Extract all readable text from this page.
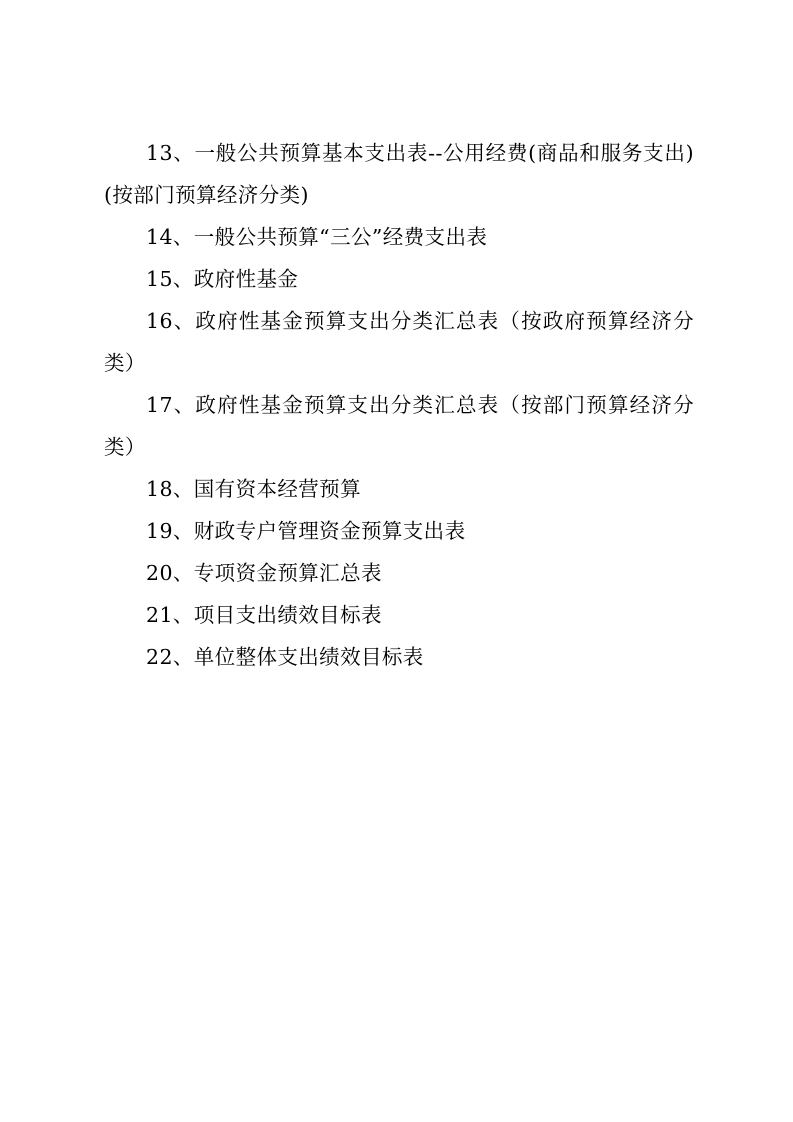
13、一般公共预算基本支出表--公用经费(商品和服务支出)(按部门预算经济分类)

14、一般公共预算“三公”经费支出表

15、政府性基金

16、政府性基金预算支出分类汇总表（按政府预算经济分类）

17、政府性基金预算支出分类汇总表（按部门预算经济分类）

18、国有资本经营预算

19、财政专户管理资金预算支出表

20、专项资金预算汇总表

21、项目支出绩效目标表

22、单位整体支出绩效目标表
